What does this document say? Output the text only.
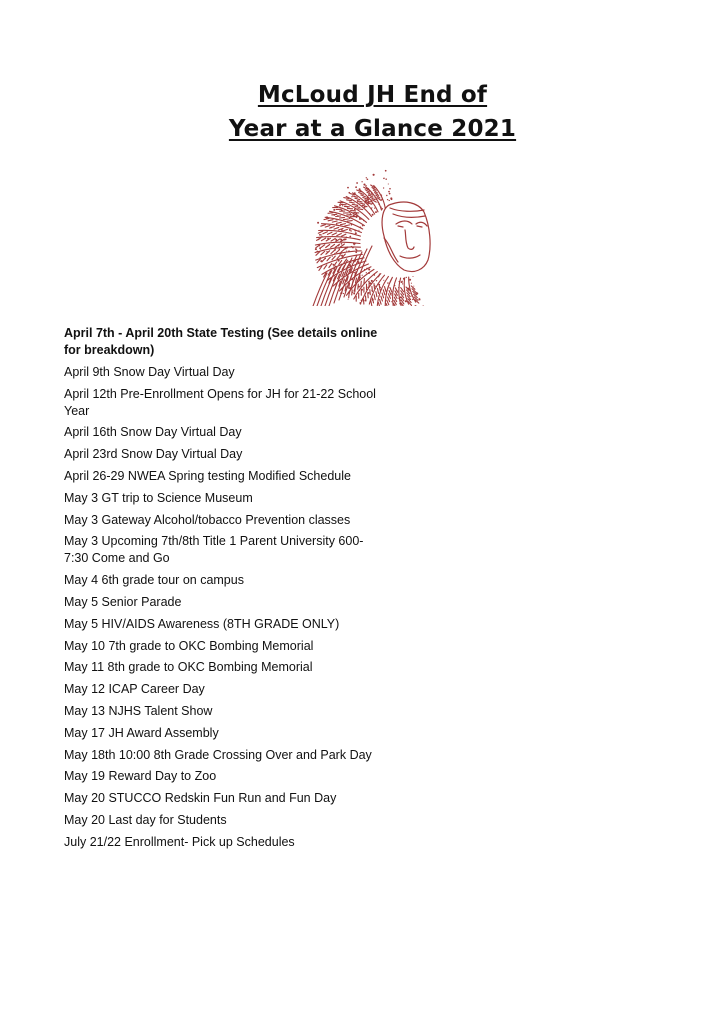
McLoud JH End of
Year at a Glance 2021
April 7th - April 20th State Testing (See details online for breakdown)
April 9th Snow Day Virtual Day
April 12th Pre-Enrollment Opens for JH for 21-22 School Year
April 16th Snow Day Virtual Day
April 23rd Snow Day Virtual Day
April 26-29 NWEA Spring testing Modified Schedule
May 3 GT trip to Science Museum
May 3 Gateway Alcohol/tobacco Prevention classes
May 3 Upcoming 7th/8th Title 1 Parent University 600-7:30 Come and Go
May 4 6th grade tour on campus
May 5 Senior Parade
May 5 HIV/AIDS Awareness (8TH GRADE ONLY)
May 10 7th grade to OKC Bombing Memorial
May 11 8th grade to OKC Bombing Memorial
May 12 ICAP Career Day
May 13 NJHS Talent Show
May 17 JH Award Assembly
May 18th 10:00 8th Grade Crossing Over and Park Day
May 19 Reward Day to Zoo
May 20 STUCCO Redskin Fun Run and Fun Day
May 20 Last day for Students
July 21/22 Enrollment- Pick up Schedules
